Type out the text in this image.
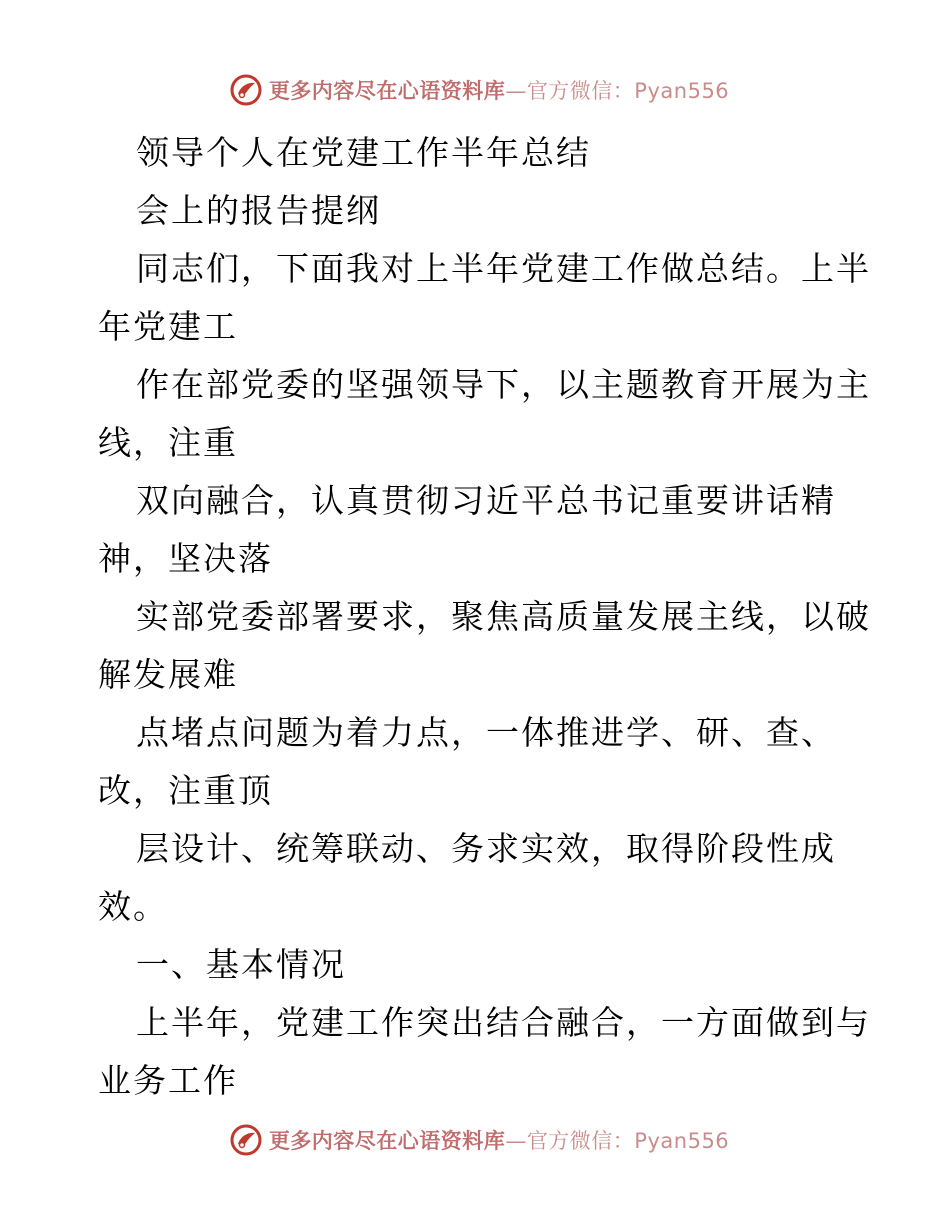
更多内容尽在心语资料库—官方微信：Pyan556
领导个人在党建工作半年总结
会上的报告提纲
同志们，下面我对上半年党建工作做总结。上半
年党建工
作在部党委的坚强领导下，以主题教育开展为主
线，注重
双向融合，认真贯彻习近平总书记重要讲话精
神，坚决落
实部党委部署要求，聚焦高质量发展主线，以破
解发展难
点堵点问题为着力点，一体推进学、研、查、
改，注重顶
层设计、统筹联动、务求实效，取得阶段性成
效。
一、基本情况
上半年，党建工作突出结合融合，一方面做到与
业务工作
更多内容尽在心语资料库—官方微信：Pyan556
